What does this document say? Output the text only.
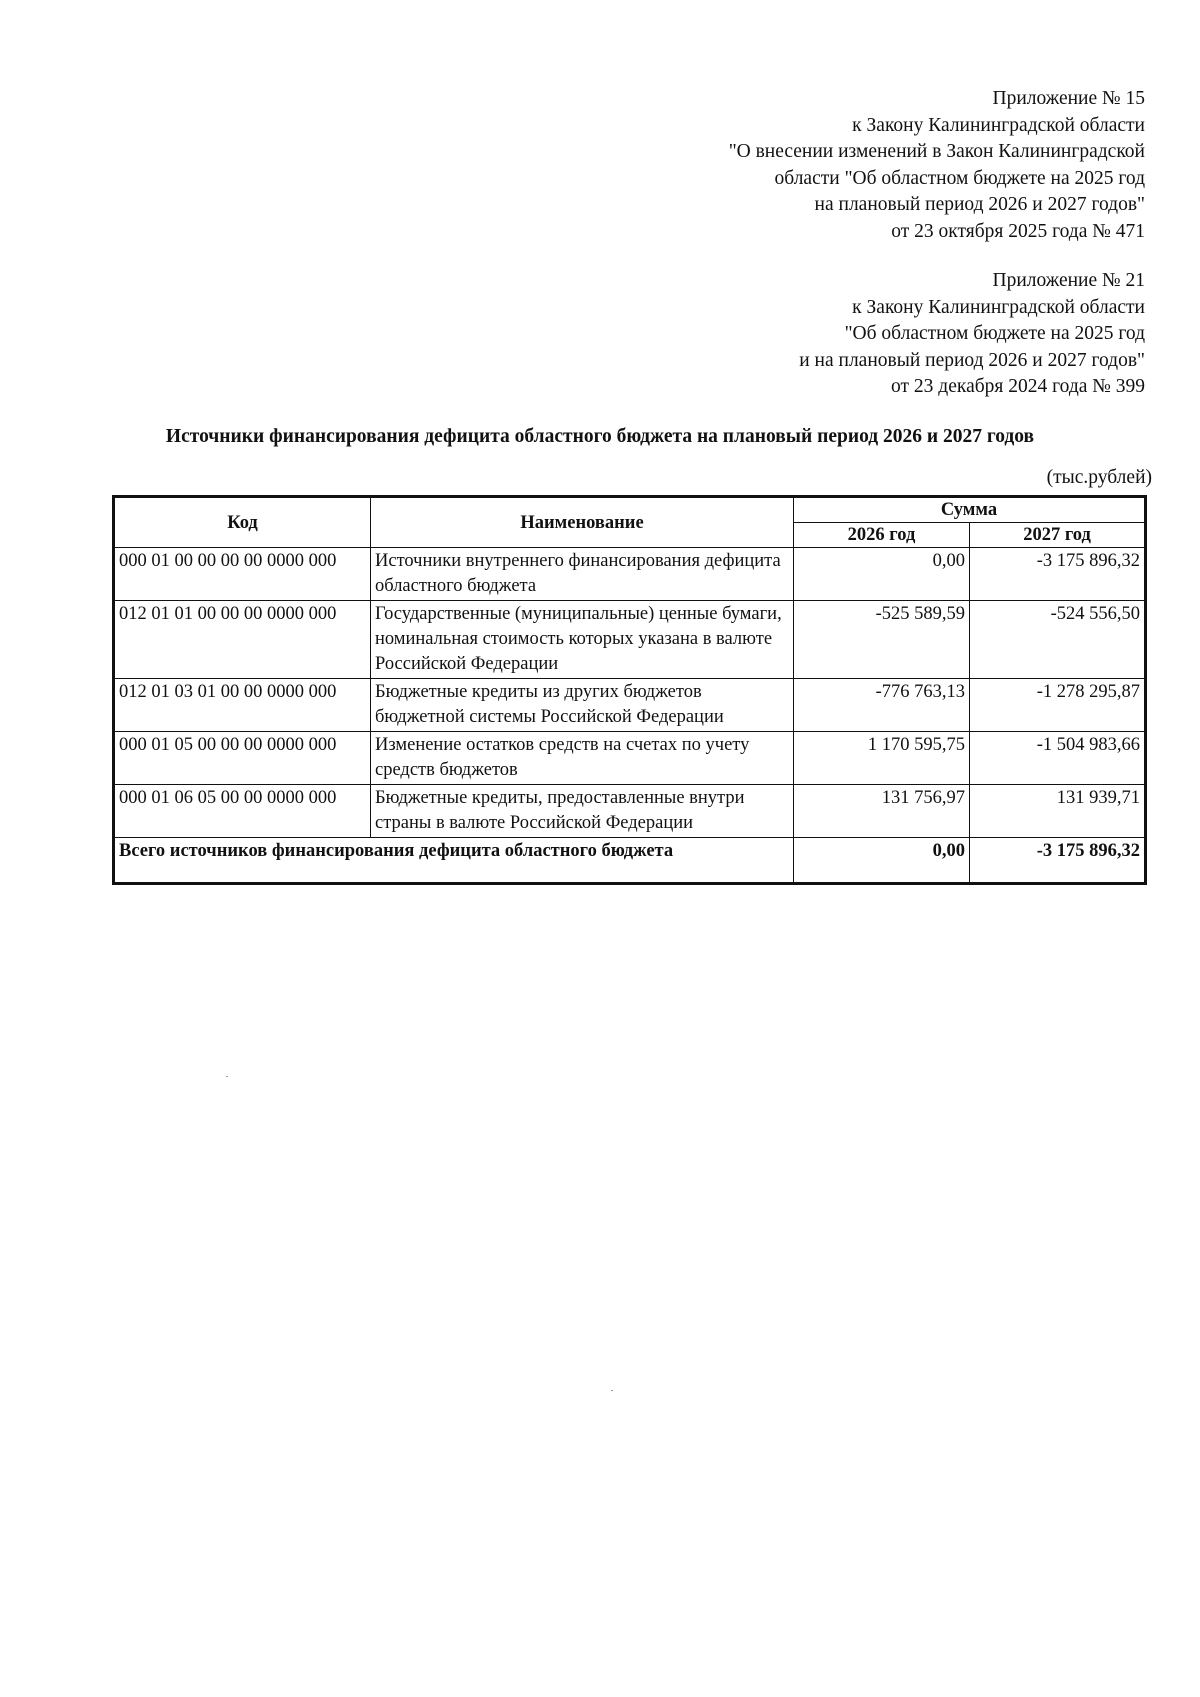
Приложение № 15
к Закону Калининградской области
"О внесении изменений в Закон Калининградской
области "Об областном бюджете на 2025 год
на плановый период 2026 и 2027 годов"
от 23 октября 2025 года № 471
Приложение № 21
к Закону Калининградской области
"Об областном бюджете на 2025 год
и на плановый период 2026 и 2027 годов"
от 23 декабря 2024 года № 399
Источники финансирования дефицита областного бюджета на плановый период 2026 и 2027 годов
(тыс.рублей)
Код	Наименование	Сумма	
		2026 год	2027 год
000 01 00 00 00 00 0000 000	Источники внутреннего финансирования дефицита областного бюджета	0,00	-3 175 896,32
012 01 01 00 00 00 0000 000	Государственные (муниципальные) ценные бумаги, номинальная стоимость которых указана в валюте Российской Федерации	-525 589,59	-524 556,50
012 01 03 01 00 00 0000 000	Бюджетные кредиты из других бюджетов бюджетной системы Российской Федерации	-776 763,13	-1 278 295,87
000 01 05 00 00 00 0000 000	Изменение остатков средств на счетах по учету средств бюджетов	1 170 595,75	-1 504 983,66
000 01 06 05 00 00 0000 000	Бюджетные кредиты, предоставленные внутри страны в валюте Российской Федерации	131 756,97	131 939,71
Всего источников финансирования дефицита областного бюджета		0,00	-3 175 896,32
